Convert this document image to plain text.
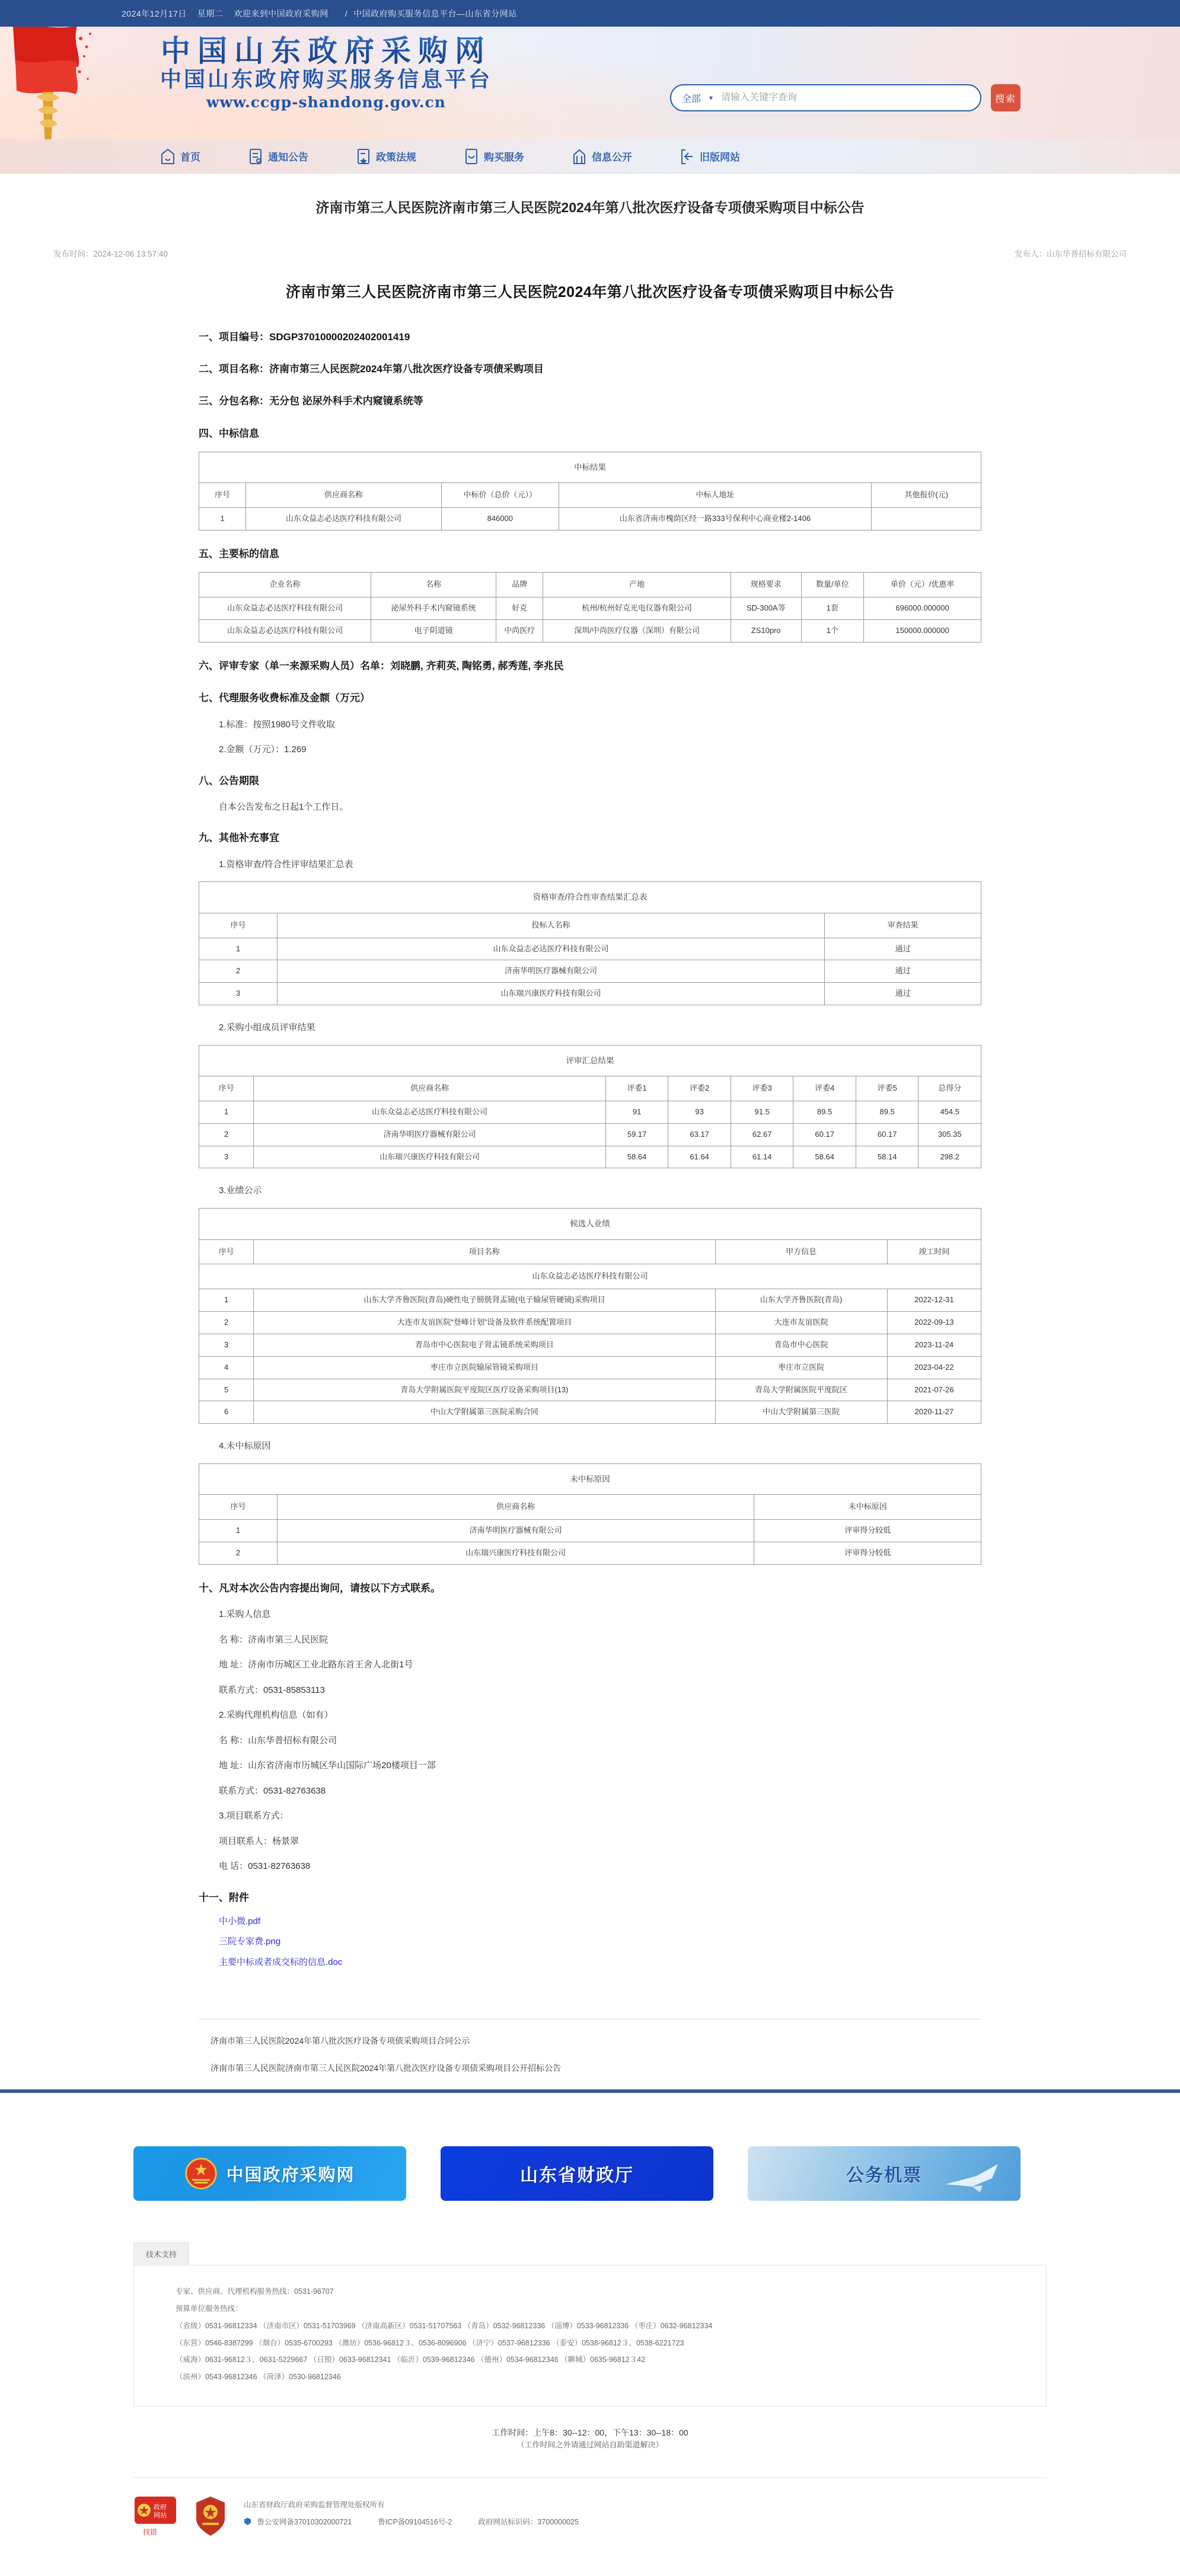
2024年12月17日 星期二 欢迎来到中国政府采购网 / 中国政府购买服务信息平台—山东省分网站
中国山东政府采购网
中国山东政府购买服务信息平台
www.ccgp-shandong.gov.cn	全部 ▾
请输入关键字查询	搜索
首页	通知公告	政策法规	购买服务	信息公开	旧版网站
济南市第三人民医院济南市第三人民医院2024年第八批次医疗设备专项债采购项目中标公告
发布时间：2024-12-06 13:57:40	发布人：山东华普招标有限公司
济南市第三人民医院济南市第三人民医院2024年第八批次医疗设备专项债采购项目中标公告
一、项目编号：SDGP37010000202402001419
二、项目名称：济南市第三人民医院2024年第八批次医疗设备专项债采购项目
三、分包名称：无分包 泌尿外科手术内窥镜系统等
四、中标信息
中标结果				
序号	供应商名称	中标价（总价（元））	中标人地址	其他报价(元)
1	山东众益志必达医疗科技有限公司	846000	山东省济南市槐荫区经一路333号保利中心商业楼2-1406	
五、主要标的信息
企业名称	名称	品牌	产地	规格要求	数量/单位	单价（元）/优惠率
山东众益志必达医疗科技有限公司	泌尿外科手术内窥镜系统	好克	杭州/杭州好克光电仪器有限公司	SD-300A等	1套	696000.000000
山东众益志必达医疗科技有限公司	电子阴道镜	中尚医疗	深圳/中尚医疗仪器（深圳）有限公司	ZS10pro	1个	150000.000000
六、评审专家（单一来源采购人员）名单：刘晓鹏, 齐莉英, 陶铭勇, 郝秀莲, 李兆民
七、代理服务收费标准及金额（万元）
1.标准：按照1980号文件收取
2.金额（万元）：1.269
八、公告期限
自本公告发布之日起1个工作日。
九、其他补充事宜
1.资格审查/符合性评审结果汇总表
资格审查/符合性审查结果汇总表		
序号	投标人名称	审查结果
1	山东众益志必达医疗科技有限公司	通过
2	济南华明医疗器械有限公司	通过
3	山东瑞兴康医疗科技有限公司	通过
2.采购小组成员评审结果
评审汇总结果							
序号	供应商名称	评委1	评委2	评委3	评委4	评委5	总得分
1	山东众益志必达医疗科技有限公司	91	93	91.5	89.5	89.5	454.5
2	济南华明医疗器械有限公司	59.17	63.17	62.67	60.17	60.17	305.35
3	山东瑞兴康医疗科技有限公司	58.64	61.64	61.14	58.64	58.14	298.2
3.业绩公示
候选人业绩			
序号	项目名称	甲方信息	竣工时间
山东众益志必达医疗科技有限公司			
1	山东大学齐鲁医院(青岛)硬性电子膀胱肾盂镜(电子输尿管硬镜)采购项目	山东大学齐鲁医院(青岛)	2022-12-31
2	大连市友谊医院“登峰计划”设备及软件系统配置项目	大连市友谊医院	2022-09-13
3	青岛市中心医院电子肾盂镜系统采购项目	青岛市中心医院	2023-11-24
4	枣庄市立医院输尿管镜采购项目	枣庄市立医院	2023-04-22
5	青岛大学附属医院平度院区医疗设备采购项目(13)	青岛大学附属医院平度院区	2021-07-26
6	中山大学附属第三医院采购合同	中山大学附属第三医院	2020-11-27
4.未中标原因
未中标原因		
序号	供应商名称	未中标原因
1	济南华明医疗器械有限公司	评审得分较低
2	山东瑞兴康医疗科技有限公司	评审得分较低
十、凡对本次公告内容提出询问，请按以下方式联系。
1.采购人信息
名 称：济南市第三人民医院
地 址：济南市历城区工业北路东首王舍人北街1号
联系方式：0531-85853113
2.采购代理机构信息（如有）
名 称：山东华普招标有限公司
地 址：山东省济南市历城区华山国际广场20楼项目一部
联系方式：0531-82763638
3.项目联系方式：
项目联系人：杨景翠
电 话：0531-82763638
十一、附件
中小微.pdf
三院专家费.png
主要中标或者成交标的信息.doc
济南市第三人民医院2024年第八批次医疗设备专项债采购项目合同公示
济南市第三人民医院济南市第三人民医院2024年第八批次医疗设备专项债采购项目公开招标公告
中国政府采购网	山东省财政厅	公务机票
技术支持
专家、供应商、代理机构服务热线：0531-96707
预算单位服务热线：
（省级）0531-96812334 （济南市区）0531-51703969 （济南高新区）0531-51707563 （青岛）0532-96812336 （淄博）0533-96812336 （枣庄）0632-96812334
（东营）0546-8387299 （烟台）0535-6700293 （潍坊）0536-96812３、0536-8096906 （济宁）0537-96812336 （泰安）0538-96812３、0538-6221723
（威海）0631-96812３、0631-5229667 （日照）0633-96812341 （临沂）0539-96812346 （德州）0534-96812346 （聊城）0635-96812３42
（滨州）0543-96812346 （菏泽）0530-96812346
工作时间：上午8：30--12：00，下午13：30--18：00
（工作时间之外请通过网站自助渠道解决）
政府
网站
找错
山东省财政厅政府采购监督管理处版权所有
鲁公安网备37010302000721	鲁ICP备09104516号-2	政府网站标识码：3700000025
